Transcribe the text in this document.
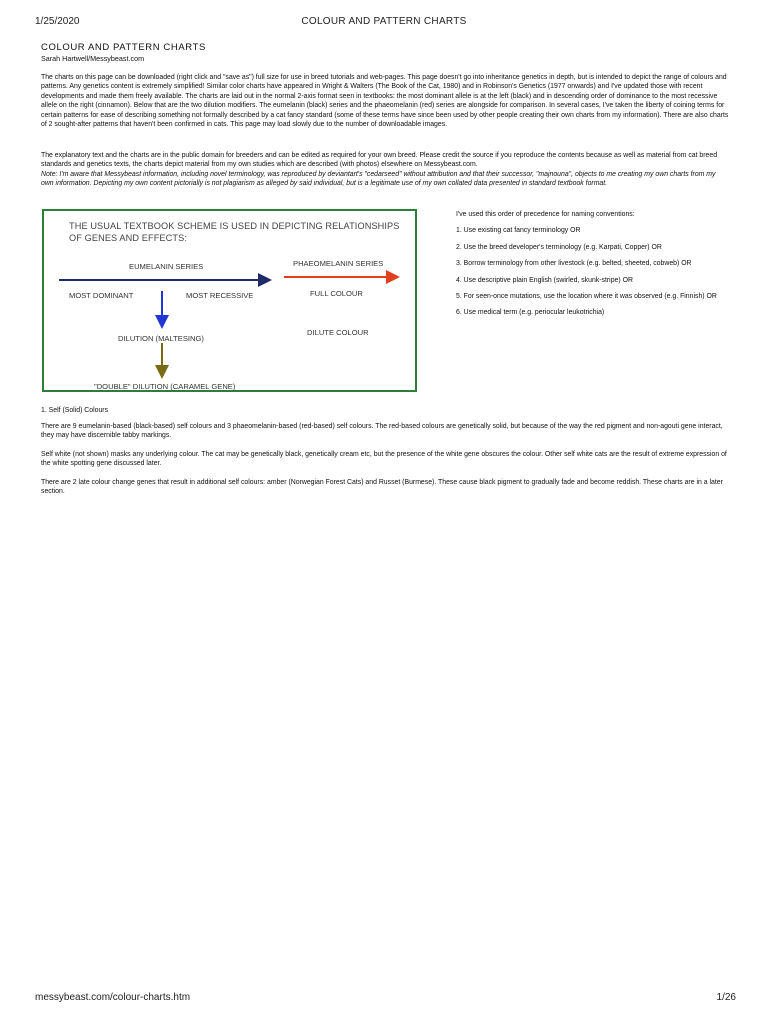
1/25/2020	COLOUR AND PATTERN CHARTS
COLOUR AND PATTERN CHARTS
Sarah Hartwell/Messybeast.com

The charts on this page can be downloaded (right click and "save as") full size for use in breed tutorials and web-pages. This page doesn't go into inheritance genetics in depth, but is intended to depict the range of colours and patterns. Any genetics content is extremely simplified! Similar color charts have appeared in Wright & Walters (The Book of the Cat, 1980) and in Robinson's Genetics (1977 onwards) and I've updated those with recent developments and made them freely available. The charts are laid out in the normal 2-axis format seen in textbooks: the most dominant allele is at the left (black) and in descending order of dominance to the most recessive allele on the right (cinnamon). Below that are the two dilution modifiers. The eumelanin (black) series and the phaeomelanin (red) series are alongside for comparison. In several cases, I've taken the liberty of coining terms for certain patterns for ease of describing something not formally described by a cat fancy standard (some of these terms have since been used by other people creating their own charts from my information). There are also charts of 2 sought-after patterns that haven't been confirmed in cats. This page may load slowly due to the number of downloadable images.

The explanatory text and the charts are in the public domain for breeders and can be edited as required for your own breed. Please credit the source if you reproduce the contents because as well as material from cat breed standards and genetics texts, the charts depict material from my own studies which are described (with photos) elsewhere on Messybeast.com.
Note: I'm aware that Messybeast information, including novel terminology, was reproduced by deviantart's "cedarseed" without attribution and that their successor, "majnouna", objects to me creating my own charts from my own information. Depicting my own content pictorially is not plagiarism as alleged by said individual, but is a legitimate use of my own collated data presented in standard textbook format.
THE USUAL TEXTBOOK SCHEME IS USED IN DEPICTING RELATIONSHIPS OF GENES AND EFFECTS:
EUMELANIN SERIES	PHAEOMELANIN SERIES
MOST DOMINANT	MOST RECESSIVE	FULL COLOUR
DILUTION (MALTESING)
DILUTE COLOUR
"DOUBLE" DILUTION (CARAMEL GENE)

I've used this order of precedence for naming conventions:

1. Use existing cat fancy terminology OR

2. Use the breed developer's terminology (e.g. Karpati, Copper) OR

3. Borrow terminology from other livestock (e.g. belted, sheeted, cobweb) OR

4. Use descriptive plain English (swirled, skunk-stripe) OR

5. For seen-once mutations, use the location where it was observed (e.g. Finnish) OR

6. Use medical term (e.g. periocular leukotrichia)

1. Self (Solid) Colours

There are 9 eumelanin-based (black-based) self colours and 3 phaeomelanin-based (red-based) self colours. The red-based colours are genetically solid, but because of the way the red pigment and non-agouti gene interact, they may have discernible tabby markings.

Self white (not shown) masks any underlying colour. The cat may be genetically black, genetically cream etc, but the presence of the white gene obscures the colour. Other self white cats are the result of extreme expression of the white spotting gene discussed later.

There are 2 late colour change genes that result in additional self colours: amber (Norwegian Forest Cats) and Russet (Burmese). These cause black pigment to gradually fade and become reddish. These charts are in a later section.

messybeast.com/colour-charts.htm	1/26
